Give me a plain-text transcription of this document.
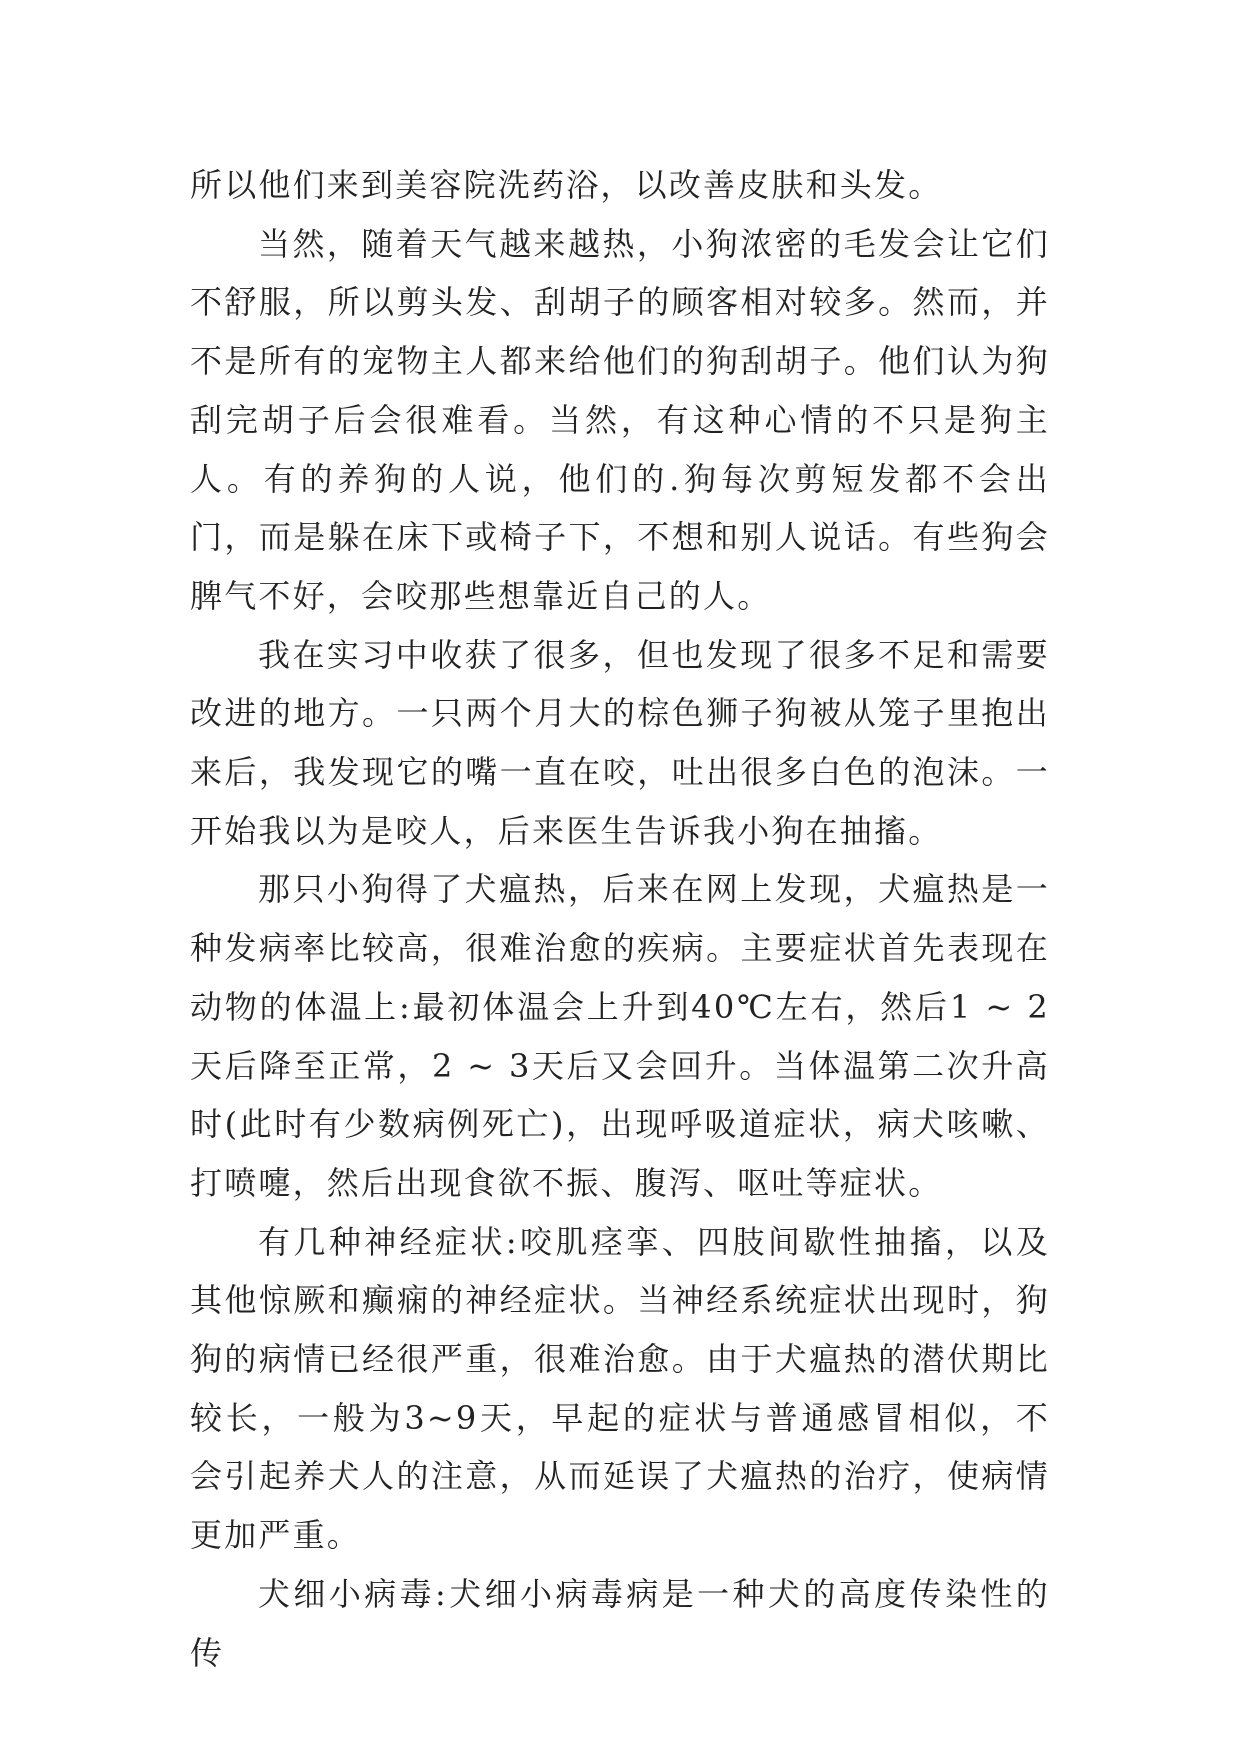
所以他们来到美容院洗药浴，以改善皮肤和头发。

当然，随着天气越来越热，小狗浓密的毛发会让它们不舒服，所以剪头发、刮胡子的顾客相对较多。然而，并不是所有的宠物主人都来给他们的狗刮胡子。他们认为狗刮完胡子后会很难看。当然，有这种心情的不只是狗主人。有的养狗的人说，他们的.狗每次剪短发都不会出门，而是躲在床下或椅子下，不想和别人说话。有些狗会脾气不好，会咬那些想靠近自己的人。

我在实习中收获了很多，但也发现了很多不足和需要改进的地方。一只两个月大的棕色狮子狗被从笼子里抱出来后，我发现它的嘴一直在咬，吐出很多白色的泡沫。一开始我以为是咬人，后来医生告诉我小狗在抽搐。

那只小狗得了犬瘟热，后来在网上发现，犬瘟热是一种发病率比较高，很难治愈的疾病。主要症状首先表现在动物的体温上:最初体温会上升到40℃左右，然后1 ~ 2天后降至正常，2 ~ 3天后又会回升。当体温第二次升高时(此时有少数病例死亡)，出现呼吸道症状，病犬咳嗽、打喷嚏，然后出现食欲不振、腹泻、呕吐等症状。

有几种神经症状:咬肌痉挛、四肢间歇性抽搐，以及其他惊厥和癫痫的神经症状。当神经系统症状出现时，狗狗的病情已经很严重，很难治愈。由于犬瘟热的潜伏期比较长，一般为3~9天，早起的症状与普通感冒相似，不会引起养犬人的注意，从而延误了犬瘟热的治疗，使病情更加严重。

犬细小病毒:犬细小病毒病是一种犬的高度传染性的传
